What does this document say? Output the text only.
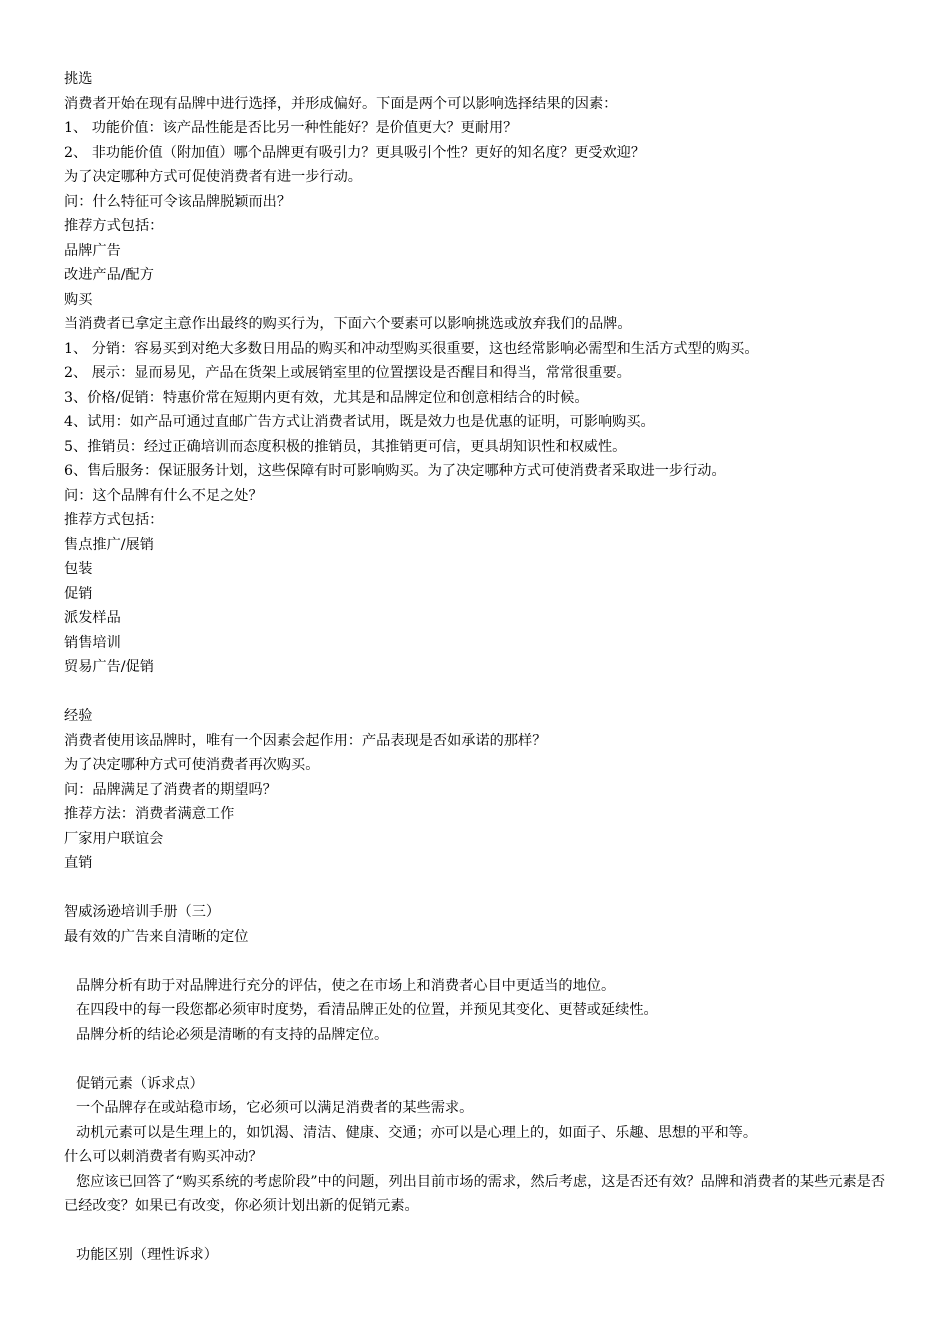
挑选
消费者开始在现有品牌中进行选择，并形成偏好。下面是两个可以影响选择结果的因素：
1、 功能价值：该产品性能是否比另一种性能好？是价值更大？更耐用？
2、 非功能价值（附加值）哪个品牌更有吸引力？更具吸引个性？更好的知名度？更受欢迎？
为了决定哪种方式可促使消费者有进一步行动。
问：什么特征可令该品牌脱颖而出？
推荐方式包括：
品牌广告
改进产品/配方
购买
当消费者已拿定主意作出最终的购买行为，下面六个要素可以影响挑选或放弃我们的品牌。
1、 分销：容易买到对绝大多数日用品的购买和冲动型购买很重要，这也经常影响必需型和生活方式型的购买。
2、 展示：显而易见，产品在货架上或展销室里的位置摆设是否醒目和得当，常常很重要。
3、价格/促销：特惠价常在短期内更有效，尤其是和品牌定位和创意相结合的时候。
4、试用：如产品可通过直邮广告方式让消费者试用，既是效力也是优惠的证明，可影响购买。
5、推销员：经过正确培训而态度积极的推销员，其推销更可信，更具胡知识性和权威性。
6、售后服务：保证服务计划，这些保障有时可影响购买。为了决定哪种方式可使消费者采取进一步行动。
问：这个品牌有什么不足之处？
推荐方式包括：
售点推广/展销
包装
促销
派发样品
销售培训
贸易广告/促销
经验
消费者使用该品牌时，唯有一个因素会起作用：产品表现是否如承诺的那样？
为了决定哪种方式可使消费者再次购买。
问：品牌满足了消费者的期望吗？
推荐方法：消费者满意工作
厂家用户联谊会
直销
智威汤逊培训手册（三）
最有效的广告来自清晰的定位
品牌分析有助于对品牌进行充分的评估，使之在市场上和消费者心目中更适当的地位。
在四段中的每一段您都必须审时度势，看清品牌正处的位置，并预见其变化、更替或延续性。
品牌分析的结论必须是清晰的有支持的品牌定位。
促销元素（诉求点）
一个品牌存在或站稳市场，它必须可以满足消费者的某些需求。
动机元素可以是生理上的，如饥渴、清洁、健康、交通；亦可以是心理上的，如面子、乐趣、思想的平和等。
什么可以刺消费者有购买冲动？
您应该已回答了“购买系统的考虑阶段”中的问题，列出目前市场的需求，然后考虑，这是否还有效？品牌和消费者的某些元素是否已经改变？如果已有改变，你必须计划出新的促销元素。
功能区别（理性诉求）
